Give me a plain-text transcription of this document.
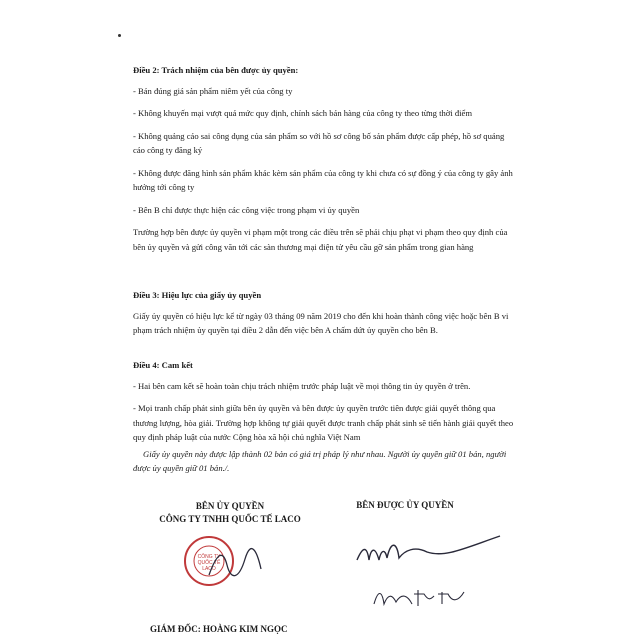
Điều 2: Trách nhiệm của bên được ủy quyền:
- Bán đúng giá sản phẩm niêm yết của công ty
- Không khuyến mại vượt quá mức quy định, chính sách bán hàng của công ty theo từng thời điểm
- Không quảng cáo sai công dụng của sản phẩm so với hồ sơ công bố sản phẩm được cấp phép, hồ sơ quảng cáo công ty đăng ký
- Không được đăng hình sản phẩm khác kèm sản phẩm của công ty khi chưa có sự đồng ý của công ty gây ảnh hưởng tới công ty
- Bên B chỉ được thực hiện các công việc trong phạm vi ủy quyền
Trường hợp bên được ủy quyền vi phạm một trong các điều trên sẽ phải chịu phạt vi phạm theo quy định của bên ủy quyền và gửi công văn tới các sàn thương mại điện tử yêu cầu gỡ sản phẩm trong gian hàng
Điều 3: Hiệu lực của giấy ủy quyền
Giấy ủy quyền có hiệu lực kể từ ngày 03 tháng 09 năm 2019 cho đến khi hoàn thành công việc hoặc bên B vi phạm trách nhiệm ủy quyền tại điều 2 dẫn đến việc bên A chấm dứt ủy quyền cho bên B.
Điều 4: Cam kết
- Hai bên cam kết sẽ hoàn toàn chịu trách nhiệm trước pháp luật về mọi thông tin ủy quyền ở trên.
- Mọi tranh chấp phát sinh giữa bên ủy quyền và bên được ủy quyền trước tiên được giải quyết thông qua thương lượng, hòa giải. Trường hợp không tự giải quyết được tranh chấp phát sinh sẽ tiến hành giải quyết theo quy định pháp luật của nước Cộng hòa xã hội chủ nghĩa Việt Nam
Giấy ủy quyền này được lập thành 02 bản có giá trị pháp lý như nhau. Người ủy quyền giữ 01 bản, người được ủy quyền giữ 01 bản./.
BÊN ỦY QUYỀN
CÔNG TY TNHH QUỐC TẾ LACO
BÊN ĐƯỢC ỦY QUYỀN
CÔNG TY
QUỐC TẾ
LACO
GIÁM ĐỐC: HOÀNG KIM NGỌC
